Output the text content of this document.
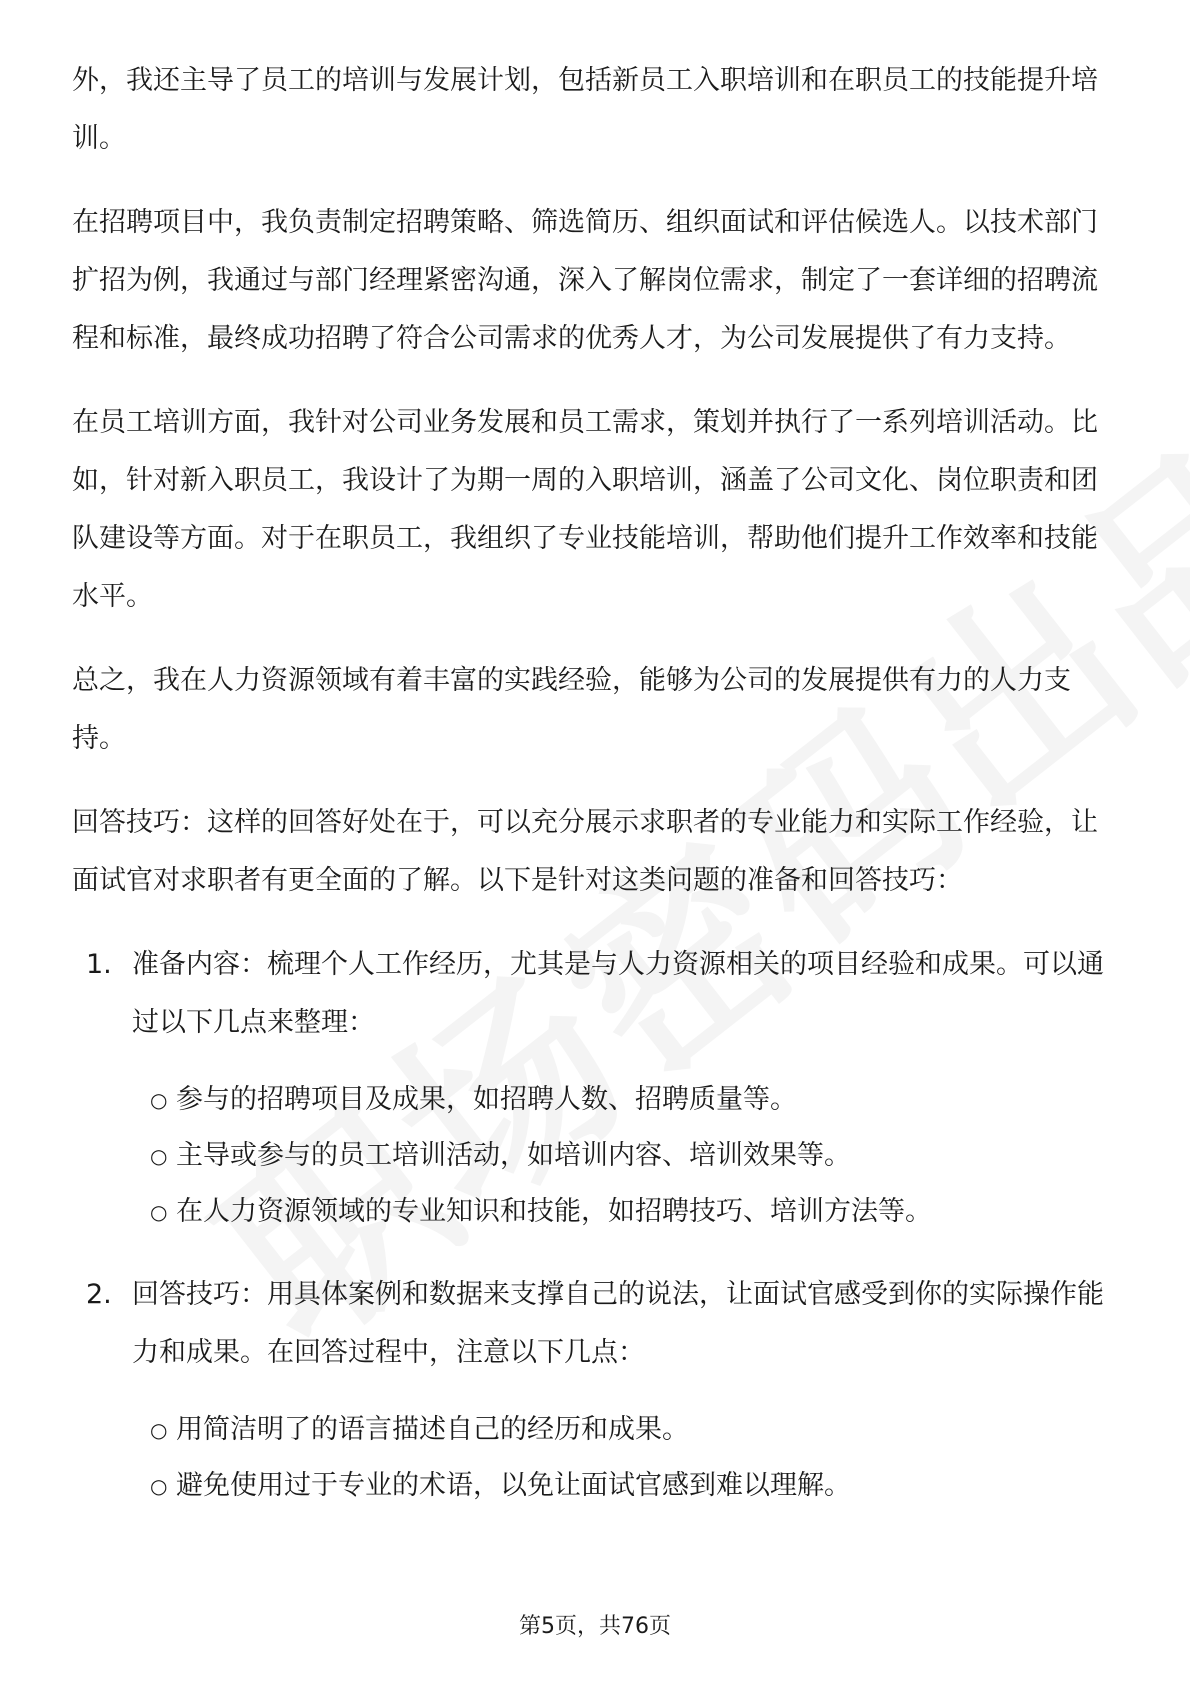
外，我还主导了员工的培训与发展计划，包括新员工入职培训和在职员工的技能提升培训。

在招聘项目中，我负责制定招聘策略、筛选简历、组织面试和评估候选人。以技术部门扩招为例，我通过与部门经理紧密沟通，深入了解岗位需求，制定了一套详细的招聘流程和标准，最终成功招聘了符合公司需求的优秀人才，为公司发展提供了有力支持。

在员工培训方面，我针对公司业务发展和员工需求，策划并执行了一系列培训活动。比如，针对新入职员工，我设计了为期一周的入职培训，涵盖了公司文化、岗位职责和团队建设等方面。对于在职员工，我组织了专业技能培训，帮助他们提升工作效率和技能水平。

总之，我在人力资源领域有着丰富的实践经验，能够为公司的发展提供有力的人力支持。

回答技巧：这样的回答好处在于，可以充分展示求职者的专业能力和实际工作经验，让面试官对求职者有更全面的了解。以下是针对这类问题的准备和回答技巧：

1. 准备内容：梳理个人工作经历，尤其是与人力资源相关的项目经验和成果。可以通过以下几点来整理：

○ 参与的招聘项目及成果，如招聘人数、招聘质量等。
○ 主导或参与的员工培训活动，如培训内容、培训效果等。
○ 在人力资源领域的专业知识和技能，如招聘技巧、培训方法等。
2. 回答技巧：用具体案例和数据来支撑自己的说法，让面试官感受到你的实际操作能力和成果。在回答过程中，注意以下几点：

○ 用简洁明了的语言描述自己的经历和成果。
○ 避免使用过于专业的术语，以免让面试官感到难以理解。
第5页，共76页
